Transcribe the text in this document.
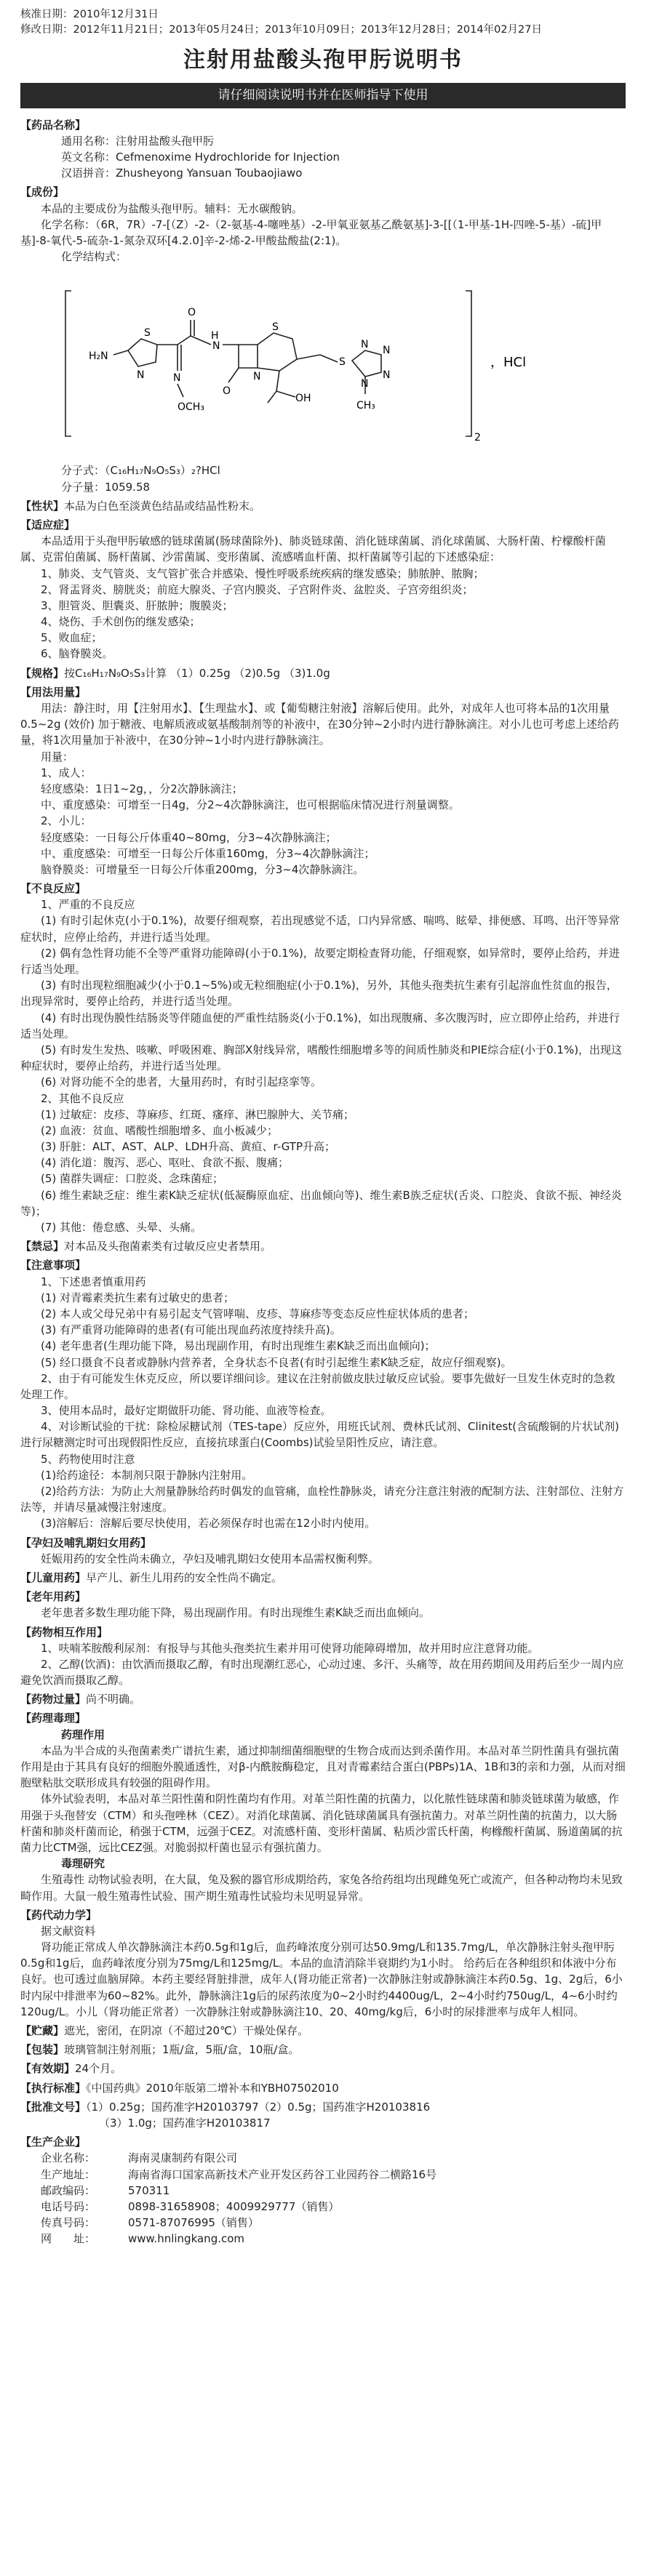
核准日期： 2010年12月31日
修改日期： 2012年11月21日；2013年05月24日；2013年10月09日；2013年12月28日；2014年02月27日
注射用盐酸头孢甲肟说明书
请仔细阅读说明书并在医师指导下使用
【药品名称】
通用名称：注射用盐酸头孢甲肟
英文名称：Cefmenoxime Hydrochloride for Injection
汉语拼音：Zhusheyong Yansuan Toubaojiawo
【成份】

本品的主要成份为盐酸头孢甲肟。辅料：无水碳酸钠。

化学名称：（6R，7R）-7-[（Z）-2-（2-氨基-4-噻唑基）-2-甲氧亚氨基乙酰氨基]-3-[[（1-甲基-1H-四唑-5-基）-硫]甲基]-8-氧代-5-硫杂-1-氮杂双环[4.2.0]辛-2-烯-2-甲酸盐酸盐(2:1)。

化学结构式：
H₂N
S
N
O
H
N
S
N
O
OH
OCH₃
N
S
N N
N
N
CH₃
2
，HCl
分子式：（C₁₆H₁₇N₉O₅S₃）₂?HCl
分子量：1059.58
【性状】本品为白色至淡黄色结晶或结晶性粉末。
【适应症】

本品适用于头孢甲肟敏感的链球菌属(肠球菌除外)、肺炎链球菌、消化链球菌属、消化球菌属、大肠杆菌、柠檬酸杆菌属、克雷伯菌属、肠杆菌属、沙雷菌属、变形菌属、流感嗜血杆菌、拟杆菌属等引起的下述感染症：

1、肺炎、支气管炎、支气管扩张合并感染、慢性呼吸系统疾病的继发感染；肺脓肿、脓胸；
2、肾盂肾炎、膀胱炎；前庭大腺炎、子宫内膜炎、子宫附件炎、盆腔炎、子宫旁组织炎；
3、胆管炎、胆囊炎、肝脓肿；腹膜炎；
4、烧伤、手术创伤的继发感染；
5、败血症；
6、脑脊膜炎。
【规格】按C₁₆H₁₇N₉O₅S₃计算 （1）0.25g （2)0.5g （3)1.0g
【用法用量】

用法：静注时，用【注射用水】、【生理盐水】、或【葡萄糖注射液】溶解后使用。此外，对成年人也可将本品的1次用量0.5~2g (效价) 加于糖液、电解质液或氨基酸制剂等的补液中，在30分钟~2小时内进行静脉滴注。对小儿也可考虑上述给药量，将1次用量加于补液中，在30分钟~1小时内进行静脉滴注。

用量：
1、成人：
轻度感染：1日1~2g，，分2次静脉滴注；
中、重度感染：可增至一日4g，分2~4次静脉滴注，也可根据临床情况进行剂量调整。
2、小儿：
轻度感染：一日每公斤体重40~80mg，分3~4次静脉滴注；
中、重度感染：可增至一日每公斤体重160mg，分3~4次静脉滴注；
脑脊膜炎：可增量至一日每公斤体重200mg，分3~4次静脉滴注。
【不良反应】
1、严重的不良反应

(1) 有时引起休克(小于0.1%)，故要仔细观察，若出现感觉不适，口内异常感、喘鸣、眩晕、排便感、耳鸣、出汗等异常症状时，应停止给药，并进行适当处理。

(2) 偶有急性肾功能不全等严重肾功能障碍(小于0.1%)，故要定期检查肾功能，仔细观察，如异常时，要停止给药，并进行适当处理。

(3) 有时出现粒细胞减少(小于0.1~5%)或无粒细胞症(小于0.1%)，另外，其他头孢类抗生素有引起溶血性贫血的报告，出现异常时，要停止给药，并进行适当处理。

(4) 有时出现伪膜性结肠炎等伴随血便的严重性结肠炎(小于0.1%)，如出现腹痛、多次腹泻时，应立即停止给药，并进行适当处理。

(5) 有时发生发热、咳嗽、呼吸困难、胸部X射线异常，嗜酸性细胞增多等的间质性肺炎和PIE综合症(小于0.1%)，出现这种症状时，要停止给药，并进行适当处理。

(6) 对肾功能不全的患者，大量用药时，有时引起痉挛等。

2、其他不良反应

(1) 过敏症：皮疹、荨麻疹、红斑、瘙痒、淋巴腺肿大、关节痛；

(2) 血液：贫血、嗜酸性细胞增多、血小板减少；

(3) 肝脏：ALT、AST、ALP、LDH升高、黄疸、r-GTP升高；

(4) 消化道：腹泻、恶心、呕吐、食欲不振、腹痛；

(5) 菌群失调症：口腔炎、念珠菌症；

(6) 维生素缺乏症：维生素K缺乏症状(低凝酶原血症、出血倾向等)、维生素B族乏症状(舌炎、口腔炎、食欲不振、神经炎等)；

(7) 其他：倦怠感、头晕、头痛。

【禁忌】对本品及头孢菌素类有过敏反应史者禁用。
【注意事项】
1、下述患者慎重用药

(1) 对青霉素类抗生素有过敏史的患者；

(2) 本人或父母兄弟中有易引起支气管哮喘、皮疹、荨麻疹等变态反应性症状体质的患者；

(3) 有严重肾功能障碍的患者(有可能出现血药浓度持续升高)。

(4) 老年患者(生理功能下降，易出现副作用，有时出现维生素K缺乏而出血倾向)；

(5) 经口摄食不良者或静脉内营养者，全身状态不良者(有时引起维生素K缺乏症，故应仔细观察)。

2、由于有可能发生休克反应，所以要详细问诊。建议在注射前做皮肤过敏反应试验。要事先做好一旦发生休克时的急救处理工作。

3、使用本品时，最好定期做肝功能、肾功能、血液等检查。

4、对诊断试验的干扰：除检尿糖试剂（TES-tape）反应外，用班氏试剂、费林氏试剂、Clinitest(含硫酸铜的片状试剂)进行尿糖测定时可出现假阳性反应，直接抗球蛋白(Coombs)试验呈阳性反应，请注意。

5、药物使用时注意

(1)给药途径：本制剂只限于静脉内注射用。

(2)给药方法：为防止大剂量静脉给药时偶发的血管痛，血栓性静脉炎，请充分注意注射液的配制方法、注射部位、注射方法等，并请尽量减慢注射速度。

(3)溶解后：溶解后要尽快使用，若必须保存时也需在12小时内使用。

【孕妇及哺乳期妇女用药】

妊娠用药的安全性尚未确立，孕妇及哺乳期妇女使用本品需权衡利弊。

【儿童用药】早产儿、新生儿用药的安全性尚不确定。
【老年用药】

老年患者多数生理功能下降，易出现副作用。有时出现维生素K缺乏而出血倾向。

【药物相互作用】

1、呋喃苯胺酸利尿剂：有报导与其他头孢类抗生素并用可使肾功能障碍增加，故并用时应注意肾功能。

2、乙醇(饮酒)：由饮酒而摄取乙醇，有时出现潮红恶心，心动过速、多汗、头痛等，故在用药期间及用药后至少一周内应避免饮酒而摄取乙醇。

【药物过量】尚不明确。
【药理毒理】
药理作用

本品为半合成的头孢菌素类广谱抗生素，通过抑制细菌细胞壁的生物合成而达到杀菌作用。本品对革兰阴性菌具有强抗菌作用是由于其具有良好的细胞外膜通透性，对β-内酰胺酶稳定，且对青霉素结合蛋白(PBPs)1A、1B和3的亲和力强，从而对细胞壁粘肽交联形成具有较强的阻碍作用。

体外试验表明，本品对革兰阳性菌和阴性菌均有作用。对革兰阳性菌的抗菌力，以化脓性链球菌和肺炎链球菌为敏感，作用强于头孢替安（CTM）和头孢唑林（CEZ）。对消化球菌属、消化链球菌属具有强抗菌力。对革兰阴性菌的抗菌力，以大肠杆菌和肺炎杆菌而论，稍强于CTM，远强于CEZ。对流感杆菌、变形杆菌属、粘质沙雷氏杆菌，枸橼酸杆菌属、肠道菌属的抗菌力比CTM强，远比CEZ强。对脆弱拟杆菌也显示有强抗菌力。

毒理研究

生殖毒性 动物试验表明，在大鼠，兔及猴的器官形成期给药，家兔各给药组均出现雌兔死亡或流产，但各种动物均未见致畸作用。大鼠一般生殖毒性试验、围产期生殖毒性试验均未见明显异常。

【药代动力学】
据文献资料

肾功能正常成人单次静脉滴注本药0.5g和1g后，血药峰浓度分别可达50.9mg/L和135.7mg/L，单次静脉注射头孢甲肟0.5g和1g后，血药峰浓度分别为75mg/L和125mg/L。本品的血清消除半衰期约为1小时。 给药后在各种组织和体液中分布良好。也可透过血脑屏障。本药主要经肾脏排泄，成年人(肾功能正常者)一次静脉注射或静脉滴注本药0.5g、1g、2g后，6小时内尿中排泄率为60~82%。此外，静脉滴注1g后的尿药浓度为0~2小时约4400ug/L，2~4小时约750ug/L，4~6小时约120ug/L。小儿（肾功能正常者）一次静脉注射或静脉滴注10、20、40mg/kg后，6小时的尿排泄率与成年人相同。

【贮藏】遮光，密闭，在阴凉（不超过20℃）干燥处保存。
【包装】玻璃管制注射剂瓶；1瓶/盒，5瓶/盒，10瓶/盒。
【有效期】24个月。
【执行标准】《中国药典》2010年版第二增补本和YBH07502010
【批准文号】（1）0.25g；国药准字H20103797（2）0.5g；国药准字H20103816
（3）1.0g；国药准字H20103817
【生产企业】
企业名称：	海南灵康制药有限公司
生产地址：	海南省海口国家高新技术产业开发区药谷工业园药谷二横路16号
邮政编码：	570311
电话号码：	0898-31658908；4009929777（销售）
传真号码：	0571-87076995（销售）
网　　址：	www.hnlingkang.com
